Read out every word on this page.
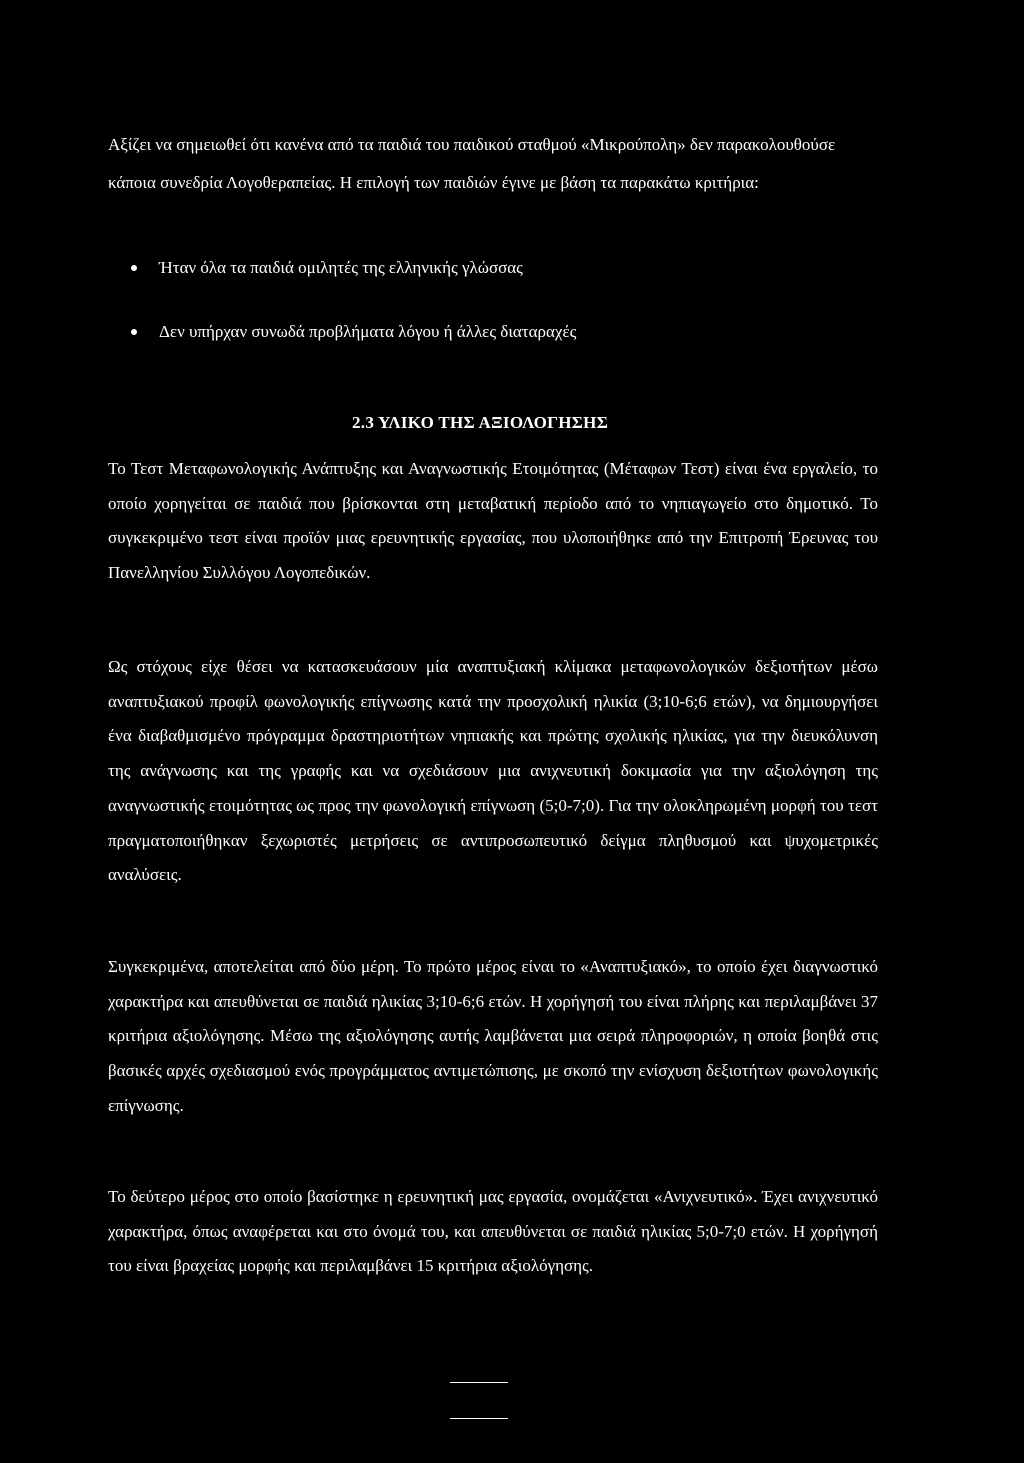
Αξίζει να σημειωθεί ότι κανένα από τα παιδιά του παιδικού σταθμού «Μικρούπολη» δεν παρακολουθούσε κάποια συνεδρία Λογοθεραπείας. Η επιλογή των παιδιών έγινε με βάση τα παρακάτω κριτήρια:

Ήταν όλα τα παιδιά ομιλητές της ελληνικής γλώσσας
Δεν υπήρχαν συνωδά προβλήματα λόγου ή άλλες διαταραχές
2.3 ΥΛΙΚΟ ΤΗΣ ΑΞΙΟΛΟΓΗΣΗΣ

Το Τεστ Μεταφωνολογικής Ανάπτυξης και Αναγνωστικής Ετοιμότητας (Μέταφων Τεστ) είναι ένα εργαλείο, το οποίο χορηγείται σε παιδιά που βρίσκονται στη μεταβατική περίοδο από το νηπιαγωγείο στο δημοτικό. Το συγκεκριμένο τεστ είναι προϊόν μιας ερευνητικής εργασίας, που υλοποιήθηκε από την Επιτροπή Έρευνας του Πανελληνίου Συλλόγου Λογοπεδικών.

Ως στόχους είχε θέσει να κατασκευάσουν μία αναπτυξιακή κλίμακα μεταφωνολογικών δεξιοτήτων μέσω αναπτυξιακού προφίλ φωνολογικής επίγνωσης κατά την προσχολική ηλικία (3;10-6;6 ετών), να δημιουργήσει ένα διαβαθμισμένο πρόγραμμα δραστηριοτήτων νηπιακής και πρώτης σχολικής ηλικίας, για την διευκόλυνση της ανάγνωσης και της γραφής και να σχεδιάσουν μια ανιχνευτική δοκιμασία για την αξιολόγηση της αναγνωστικής ετοιμότητας ως προς την φωνολογική επίγνωση (5;0-7;0). Για την ολοκληρωμένη μορφή του τεστ πραγματοποιήθηκαν ξεχωριστές μετρήσεις σε αντιπροσωπευτικό δείγμα πληθυσμού και ψυχομετρικές αναλύσεις.

Συγκεκριμένα, αποτελείται από δύο μέρη. Το πρώτο μέρος είναι το «Αναπτυξιακό», το οποίο έχει διαγνωστικό χαρακτήρα και απευθύνεται σε παιδιά ηλικίας 3;10-6;6 ετών. Η χορήγησή του είναι πλήρης και περιλαμβάνει 37 κριτήρια αξιολόγησης. Μέσω της αξιολόγησης αυτής λαμβάνεται μια σειρά πληροφοριών, η οποία βοηθά στις βασικές αρχές σχεδιασμού ενός προγράμματος αντιμετώπισης, με σκοπό την ενίσχυση δεξιοτήτων φωνολογικής επίγνωσης.

Το δεύτερο μέρος στο οποίο βασίστηκε η ερευνητική μας εργασία, ονομάζεται «Ανιχνευτικό». Έχει ανιχνευτικό χαρακτήρα, όπως αναφέρεται και στο όνομά του, και απευθύνεται σε παιδιά ηλικίας 5;0-7;0 ετών. Η χορήγησή του είναι βραχείας μορφής και περιλαμβάνει 15 κριτήρια αξιολόγησης.
